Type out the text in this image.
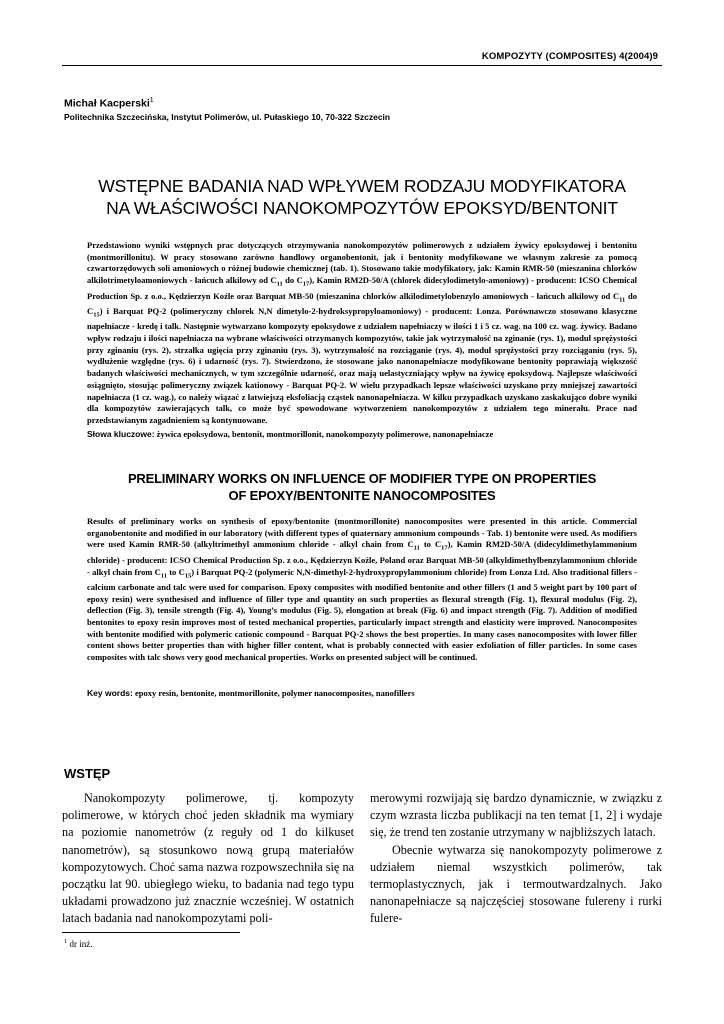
KOMPOZYTY (COMPOSITES) 4(2004)9
Michał Kacperski$^1$
Politechnika Szczecińska, Instytut Polimerów, ul. Pułaskiego 10, 70-322 Szczecin
WSTĘPNE BADANIA NAD WPŁYWEM RODZAJU MODYFIKATORA
NA WŁAŚCIWOŚCI NANOKOMPOZYTÓW EPOKSYD/BENTONIT
Przedstawiono wyniki wstępnych prac dotyczących otrzymywania nanokompozytów polimerowych z udziałem żywicy epoksydowej i bentonitu (montmorillonitu). W pracy stosowano zarówno handlowy organobentonit, jak i bentonity modyfikowane we własnym zakresie za pomocą czwartorzędowych soli amoniowych o różnej budowie chemicznej (tab. 1). Stosowano takie modyfikatory, jak: Kamin RMR-50 (mieszanina chlorków alkilotrimetyloamoniowych - łańcuch alkilowy od $C_{11}$ do $C_{17}$), Kamin RM2D-50/A (chlorek didecylodimetylo-amoniowy) - producent: ICSO Chemical Production Sp. z o.o., Kędzierzyn Koźle oraz Barquat MB-50 (mieszanina chlorków alkilodimetylobenzylo amoniowych - łańcuch alkilowy od $C_{11}$ do $C_{15}$) i Barquat PQ-2 (polimeryczny chlorek N,N dimetylo-2-hydroksypropyloamoniowy) - producent: Lonza. Porównawczo stosowano klasyczne napełniacze - kredę i talk. Następnie wytwarzano kompozyty epoksydowe z udziałem napełniaczy w ilości 1 i 5 cz. wag. na 100 cz. wag. żywicy. Badano wpływ rodzaju i ilości napełniacza na wybrane właściwości otrzymanych kompozytów, takie jak wytrzymałość na zginanie (rys. 1), moduł sprężystości przy zginaniu (rys. 2), strzałka ugięcia przy zginaniu (rys. 3), wytrzymałość na rozciąganie (rys. 4), moduł sprężystości przy rozciąganiu (rys. 5), wydłużenie względne (rys. 6) i udarność (rys. 7). Stwierdzono, że stosowane jako nanonapełniacze modyfikowane bentonity poprawiają większość badanych właściwości mechanicznych, w tym szczególnie udarność, oraz mają uelastyczniający wpływ na żywicę epoksydową. Najlepsze właściwości osiągnięto, stosując polimeryczny związek kationowy - Barquat PQ-2. W wielu przypadkach lepsze właściwości uzyskano przy mniejszej zawartości napełniacza (1 cz. wag.), co należy wiązać z łatwiejszą eksfoliacją cząstek nanonapełniacza. W kilku przypadkach uzyskano zaskakująco dobre wyniki dla kompozytów zawierających talk, co może być spowodowane wytworzeniem nanokompozytów z udziałem tego minerału. Prace nad przedstawianym zagadnieniem są kontynuowane.
Słowa kluczowe: żywica epoksydowa, bentonit, montmorillonit, nanokompozyty polimerowe, nanonapełniacze
PRELIMINARY WORKS ON INFLUENCE OF MODIFIER TYPE ON PROPERTIES
OF EPOXY/BENTONITE NANOCOMPOSITES
Results of preliminary works on synthesis of epoxy/bentonite (montmorillonite) nanocomposites were presented in this article. Commercial organobentonite and modified in our laboratory (with different types of quaternary ammonium compounds - Tab. 1) bentonite were used. As modifiers were used Kamin RMR-50 (alkyltrimethyl ammonium chloride - alkyl chain from $C_{11}$ to $C_{17}$), Kamin RM2D-50/A (didecyldimethylammonium chloride) - producent: ICSO Chemical Production Sp. z o.o., Kędzierzyn Koźle, Poland oraz Barquat MB-50 (alkyldimethylbenzylammonium chloride - alkyl chain from $C_{11}$ to $C_{15}$) i Barquat PQ-2 (polymeric N,N-dimethyl-2-hydroxypropylammonium chloride) from Lonza Ltd. Also traditional fillers - calcium carbonate and talc were used for comparison. Epoxy composites with modified bentonite and other fillers (1 and 5 weight part by 100 part of epoxy resin) were synthesised and influence of filler type and quantity on such properties as flexural strength (Fig. 1), flexural modulus (Fig. 2), deflection (Fig. 3), tensile strength (Fig. 4), Young’s modulus (Fig. 5), elongation at break (Fig. 6) and impact strength (Fig. 7). Addition of modified bentonites to epoxy resin improves most of tested mechanical properties, particularly impact strength and elasticity were improved. Nanocomposites with bentonite modified with polymeric cationic compound - Barquat PQ-2 shows the best properties. In many cases nanocomposites with lower filler content shows better properties than with higher filler content, what is probably connected with easier exfoliation of filler particles. In some cases composites with talc shows very good mechanical properties. Works on presented subject will be continued.
Key words: epoxy resin, bentonite, montmorillonite, polymer nanocomposites, nanofillers
WSTĘP

Nanokompozyty polimerowe, tj. kompozyty polimerowe, w których choć jeden składnik ma wymiary na poziomie nanometrów (z reguły od 1 do kilkuset nanometrów), są stosunkowo nową grupą materiałów kompozytowych. Choć sama nazwa rozpowszechniła się na początku lat 90. ubiegłego wieku, to badania nad tego typu układami prowadzono już znacznie wcześniej. W ostatnich latach badania nad nanokompozytami poli-

merowymi rozwijają się bardzo dynamicznie, w związku z czym wzrasta liczba publikacji na ten temat [1, 2] i wydaje się, że trend ten zostanie utrzymany w najbliższych latach.

Obecnie wytwarza się nanokompozyty polimerowe z udziałem niemal wszystkich polimerów, tak termoplastycznych, jak i termoutwardzalnych. Jako nanonapełniacze są najczęściej stosowane fulereny i rurki fulere-

$^1$ dr inż.
